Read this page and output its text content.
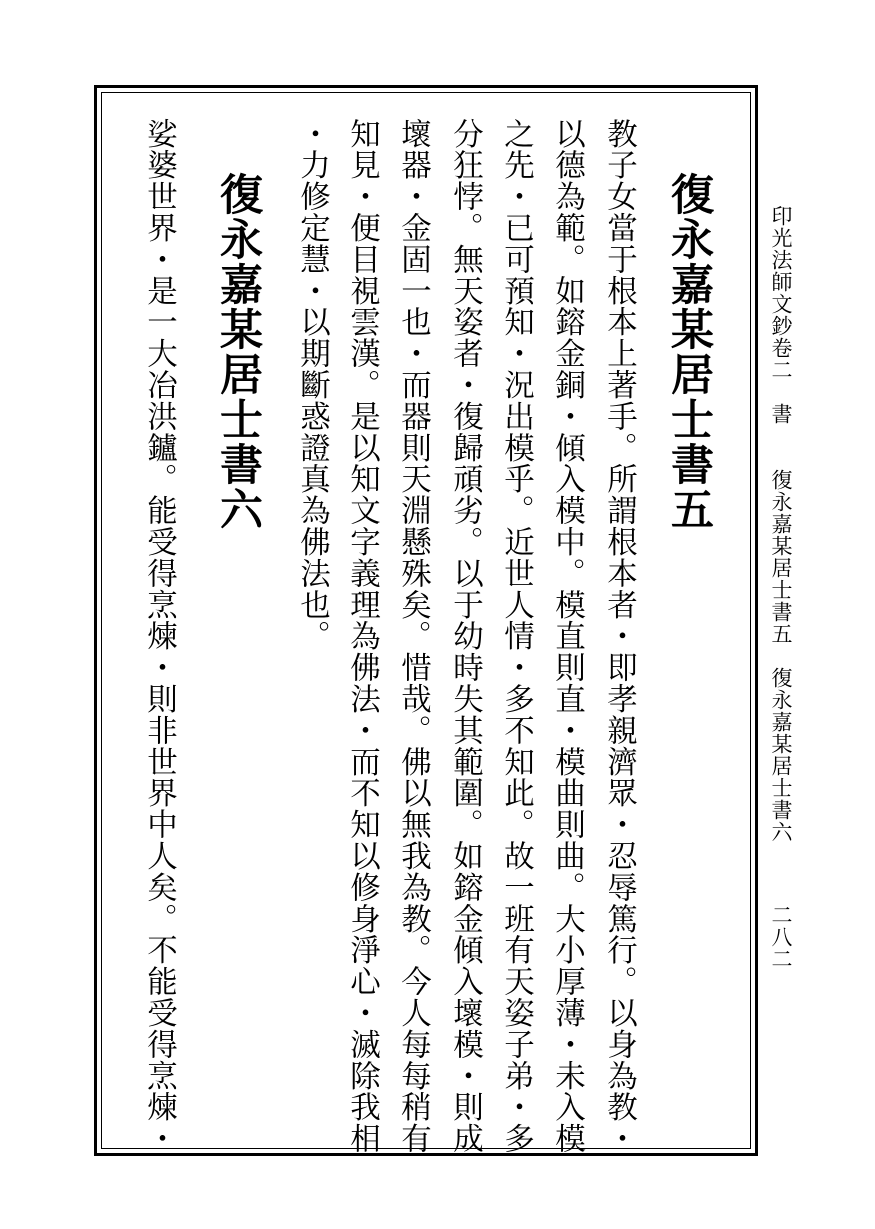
印光法師文鈔卷二　書　　復永嘉某居士書五　復永嘉某居士書六
二八二
復永嘉某居士書五
教子女當于根本上著手。所謂根本者・即孝親濟眾・忍辱篤行。以身為教・
以德為範。如鎔金銅・傾入模中。模直則直・模曲則曲。大小厚薄・未入模
之先・已可預知・況出模乎。近世人情・多不知此。故一班有天姿子弟・多
分狂悖。無天姿者・復歸頑劣。以于幼時失其範圍。如鎔金傾入壞模・則成
壞器・金固一也・而器則天淵懸殊矣。惜哉。佛以無我為教。今人每每稍有
知見・便目視雲漢。是以知文字義理為佛法・而不知以修身淨心・滅除我相
・力修定慧・以期斷惑證真為佛法也。
復永嘉某居士書六
娑婆世界・是一大冶洪鑪。能受得烹煉・則非世界中人矣。不能受得烹煉・
